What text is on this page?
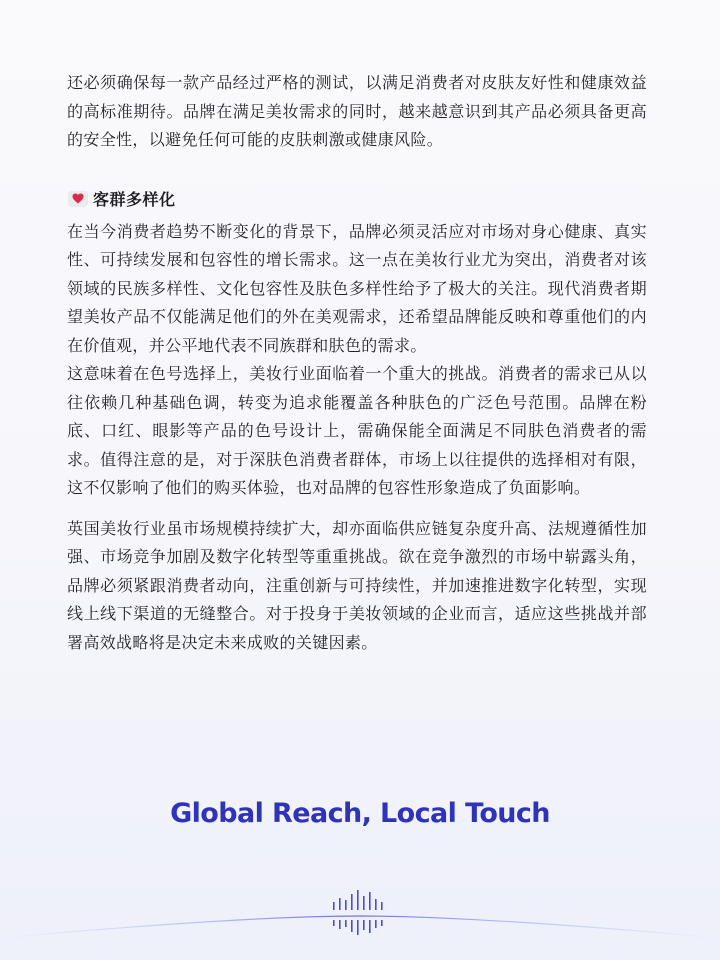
还必须确保每一款产品经过严格的测试，以满足消费者对皮肤友好性和健康效益的高标准期待。品牌在满足美妆需求的同时，越来越意识到其产品必须具备更高的安全性，以避免任何可能的皮肤刺激或健康风险。

客群多样化

在当今消费者趋势不断变化的背景下，品牌必须灵活应对市场对身心健康、真实性、可持续发展和包容性的增长需求。这一点在美妆行业尤为突出，消费者对该领域的民族多样性、文化包容性及肤色多样性给予了极大的关注。现代消费者期望美妆产品不仅能满足他们的外在美观需求，还希望品牌能反映和尊重他们的内在价值观，并公平地代表不同族群和肤色的需求。

这意味着在色号选择上，美妆行业面临着一个重大的挑战。消费者的需求已从以往依赖几种基础色调，转变为追求能覆盖各种肤色的广泛色号范围。品牌在粉底、口红、眼影等产品的色号设计上，需确保能全面满足不同肤色消费者的需求。值得注意的是，对于深肤色消费者群体，市场上以往提供的选择相对有限，这不仅影响了他们的购买体验，也对品牌的包容性形象造成了负面影响。

英国美妆行业虽市场规模持续扩大，却亦面临供应链复杂度升高、法规遵循性加强、市场竞争加剧及数字化转型等重重挑战。欲在竞争激烈的市场中崭露头角，品牌必须紧跟消费者动向，注重创新与可持续性，并加速推进数字化转型，实现线上线下渠道的无缝整合。对于投身于美妆领域的企业而言，适应这些挑战并部署高效战略将是决定未来成败的关键因素。

Global Reach, Local Touch
